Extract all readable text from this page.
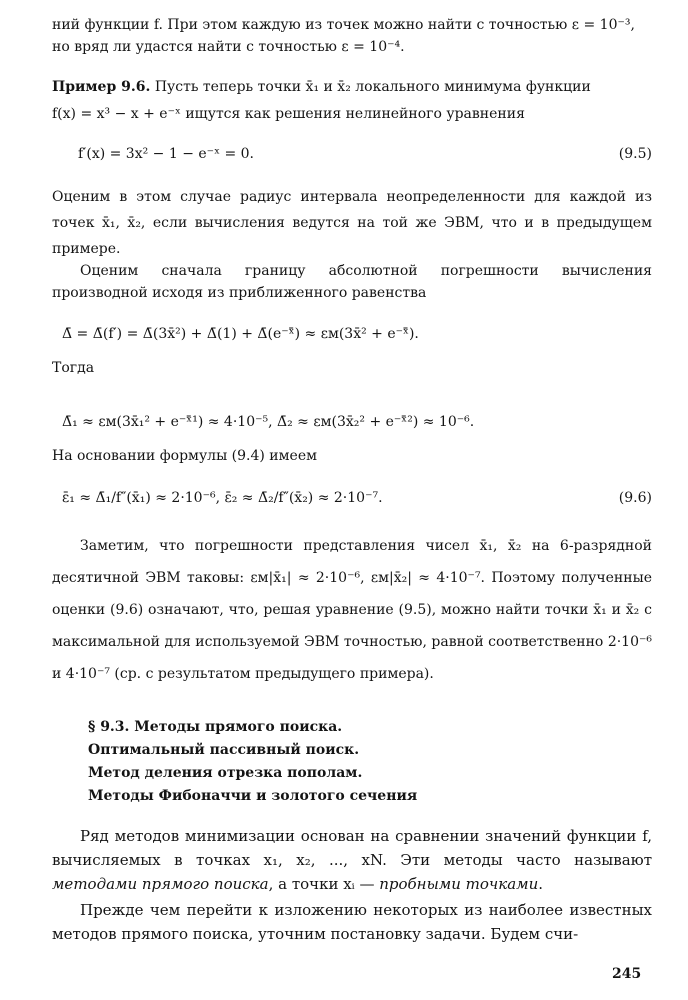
ний функции f. При этом каждую из точек можно найти с точностью ε = 10⁻³,
но вряд ли удастся найти с точностью ε = 10⁻⁴.
Пример 9.6. Пусть теперь точки x̄₁ и x̄₂ локального минимума функции
f(x) = x³ − x + e⁻ˣ ищутся как решения нелинейного уравнения
f′(x) = 3x² − 1 − e⁻ˣ = 0.	(9.5)
Оценим в этом случае радиус интервала неопределенности для каждой из точек x̄₁, x̄₂, если вычисления ведутся на той же ЭВМ, что и в предыдущем примере.
Оценим сначала границу абсолютной погрешности вычисления производной исходя из приближенного равенства
Δ̄ = Δ̄(f′) = Δ̄(3x̄²) + Δ̄(1) + Δ̄(e⁻ˣ̄) ≈ εм(3x̄² + e⁻ˣ̄).
Тогда
Δ̄₁ ≈ εм(3x̄₁² + e⁻ˣ̄¹) ≈ 4·10⁻⁵, Δ̄₂ ≈ εм(3x̄₂² + e⁻ˣ̄²) ≈ 10⁻⁶.
На основании формулы (9.4) имеем
ε̄₁ ≈ Δ̄₁/f″(x̄₁) ≈ 2·10⁻⁶, ε̄₂ ≈ Δ̄₂/f″(x̄₂) ≈ 2·10⁻⁷.	(9.6)
Заметим, что погрешности представления чисел x̄₁, x̄₂ на 6-разрядной десятичной ЭВМ таковы: εм|x̄₁| ≈ 2·10⁻⁶, εм|x̄₂| ≈ 4·10⁻⁷. Поэтому полученные оценки (9.6) означают, что, решая уравнение (9.5), можно найти точки x̄₁ и x̄₂ с максимальной для используемой ЭВМ точностью, равной соответственно 2·10⁻⁶ и 4·10⁻⁷ (ср. с результатом предыдущего примера).
§ 9.3. Методы прямого поиска.
Оптимальный пассивный поиск.
Метод деления отрезка пополам.
Методы Фибоначчи и золотого сечения
Ряд методов минимизации основан на сравнении значений функции f, вычисляемых в точках x₁, x₂, ..., xN. Эти методы часто называют методами прямого поиска, а точки xᵢ — пробными точками.
Прежде чем перейти к изложению некоторых из наиболее известных методов прямого поиска, уточним постановку задачи. Будем счи-
245
